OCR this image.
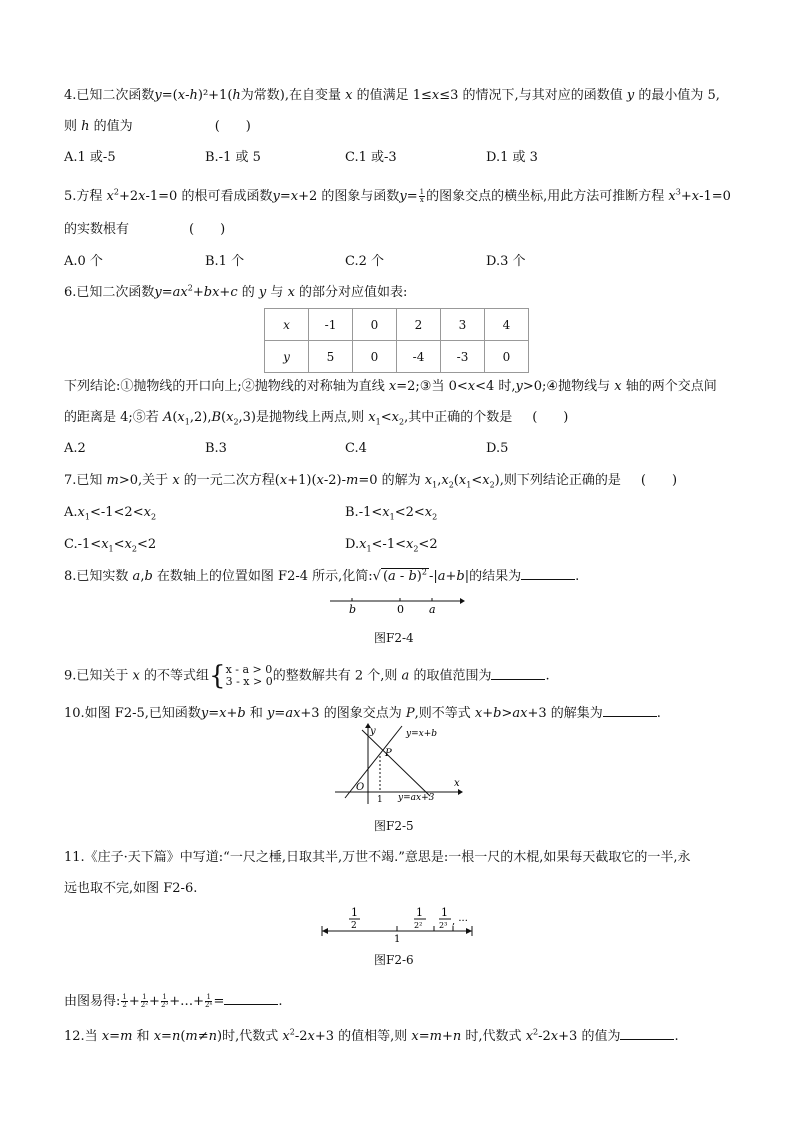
4.已知二次函数y=(x-h)²+1(h为常数),在自变量 x 的值满足 1≤x≤3 的情况下,与其对应的函数值 y 的最小值为 5,
则 h 的值为	(　　)
A.1 或-5	B.-1 或 5	C.1 或-3	D.1 或 3
5.方程 $x^2+2x-1=0$ 的根可看成函数y=x+2 的图象与函数$y= \frac{1}{x}$ 的图象交点的横坐标,用此方法可推断方程 $x^3+x-1=0$
的实数根有	(　　)
A.0 个	B.1 个	C.2 个	D.3 个
6.已知二次函数$y=ax^2+bx+c$ 的 y 与 x 的部分对应值如表:
x	-1	0	2	3	4
y	5	0	-4	-3	0
下列结论:①抛物线的开口向上;②抛物线的对称轴为直线 x=2;③当 0<x<4 时,y>0;④抛物线与 x 轴的两个交点间
的距离是 4;⑤若 $A(x_1,2),B(x_2,3)$是抛物线上两点,则 $x_1<x_2$,其中正确的个数是 (　　)
A.2	B.3	C.4	D.5
7.已知 m>0,关于 x 的一元二次方程(x+1)(x-2)-m=0 的解为 $x_1,x_2(x_1<x_2)$,则下列结论正确的是 (　　)
$A.x_1<-1<2<x_2$	$B.-1<x_1<2<x_2$
$C.-1<x_1<x_2<2$	$D.x_1<-1<x_2<2$
8.已知实数 a,b 在数轴上的位置如图 F2-4 所示,化简:√ (a - b)$^2$ -|a+b|的结果为	.
b	0 a
图F2-4
9.已知关于 x 的不等式组{ x - a > 0
3 - x > 0 的整数解共有 2 个,则 a 的取值范围为	.
10.如图 F2-5,已知函数y=x+b 和 y=ax+3 的图象交点为 P,则不等式 x+b>ax+3 的解集为	.
y
x
O
1
P
y=x+b
y=ax+3
图F2-5
11.《庄子·天下篇》中写道:“一尺之棰,日取其半,万世不竭.”意思是:一根一尺的木棍,如果每天截取它的一半,永
远也取不完,如图 F2-6.
1
2
1
2²
1
2³ , ···
1
图F2-6
由图易得: $\frac{1}{2} + \frac{1}{\text{2²}} + \frac{1}{\text{2³}}$ +…+ $\frac{1}{\text{2ⁿ}}$ =	.
12.当 x=m 和 x=n(m≠n)时,代数式 $x^2-2x+3$ 的值相等,则 x=m+n 时,代数式 $x^2-2x+3$ 的值为	.
